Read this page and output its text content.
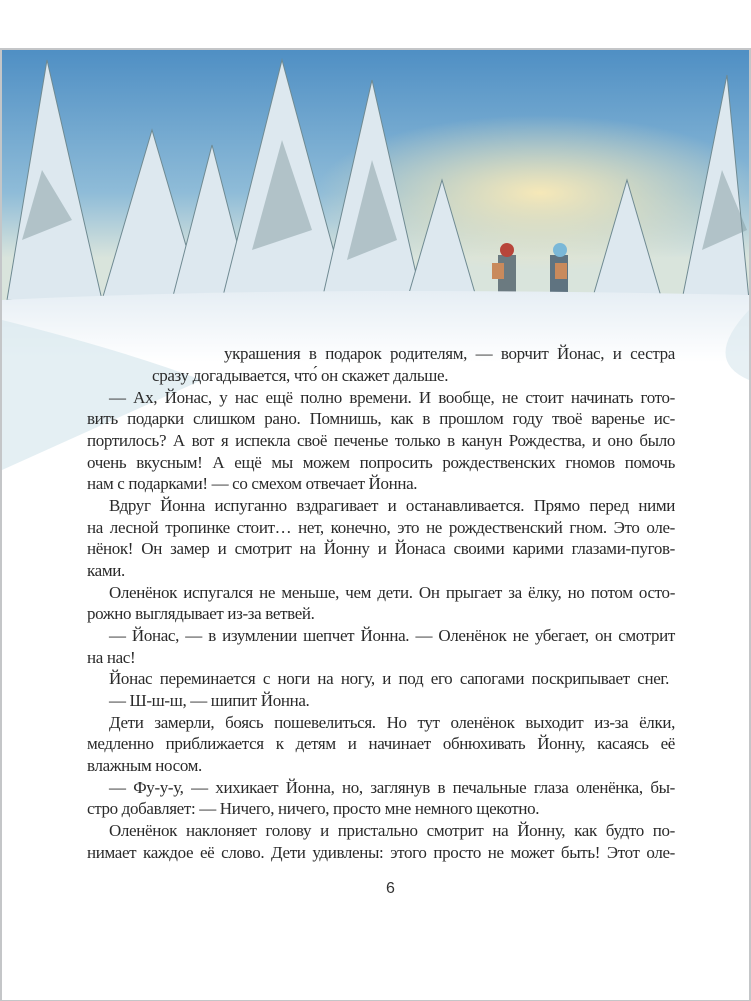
украшения в подарок родителям, — ворчит Йонас, и сестра
сразу догадывается, что́ он скажет дальше.
— Ах, Йонас, у нас ещё полно времени. И вообще, не стоит начинать гото-
вить подарки слишком рано. Помнишь, как в прошлом году твоё варенье ис-
портилось? А вот я испекла своё печенье только в канун Рождества, и оно было
очень вкусным! А ещё мы можем попросить рождественских гномов помочь
нам с подарками! — со смехом отвечает Йонна.
Вдруг Йонна испуганно вздрагивает и останавливается. Прямо перед ними
на лесной тропинке стоит… нет, конечно, это не рождественский гном. Это оле-
нёнок! Он замер и смотрит на Йонну и Йонаса своими карими глазами-пугов-
ками.
Оленёнок испугался не меньше, чем дети. Он прыгает за ёлку, но потом осто-
рожно выглядывает из-за ветвей.
— Йонас, — в изумлении шепчет Йонна. — Оленёнок не убегает, он смотрит
на нас!
Йонас переминается с ноги на ногу, и под его сапогами поскрипывает снег.
— Ш-ш-ш, — шипит Йонна.
Дети замерли, боясь пошевелиться. Но тут оленёнок выходит из-за ёлки,
медленно приближается к детям и начинает обнюхивать Йонну, касаясь её
влажным носом.
— Фу-у-у, — хихикает Йонна, но, заглянув в печальные глаза оленёнка, бы-
стро добавляет: — Ничего, ничего, просто мне немного щекотно.
Оленёнок наклоняет голову и пристально смотрит на Йонну, как будто по-
нимает каждое её слово. Дети удивлены: этого просто не может быть! Этот оле-
6
